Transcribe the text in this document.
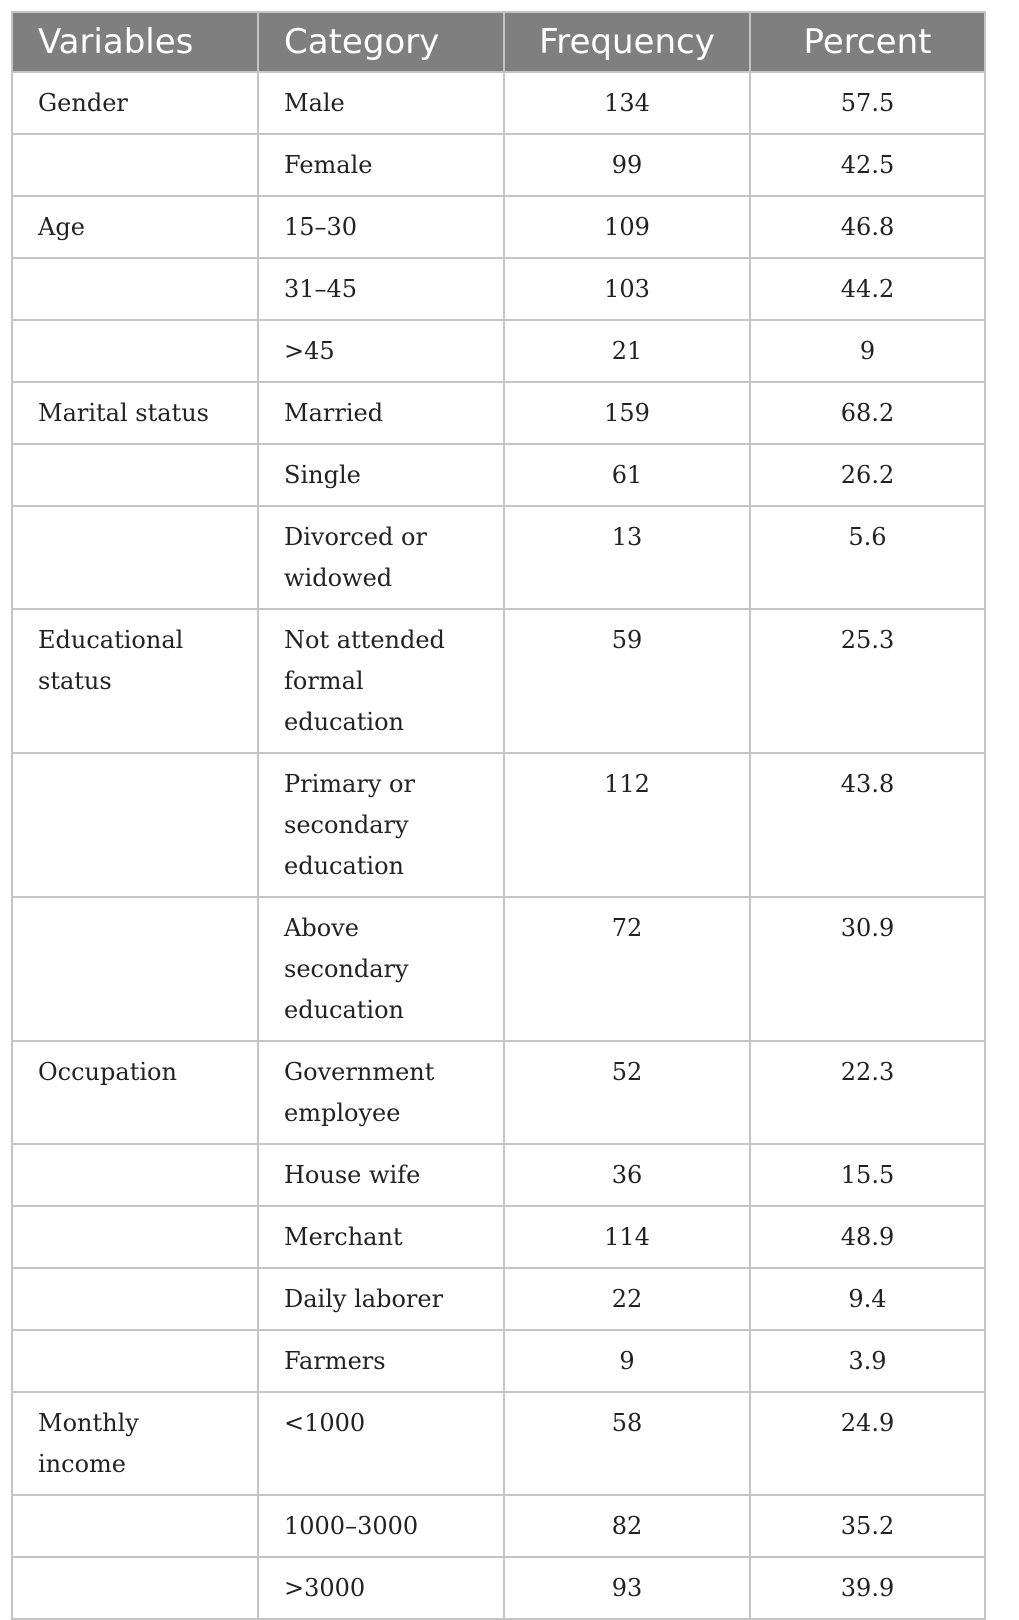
Variables	Category	Frequency	Percent
Gender	Male	134	57.5
	Female	99	42.5
Age	15–30	109	46.8
	31–45	103	44.2
	>45	21	9
Marital status	Married	159	68.2
	Single	61	26.2
	Divorced or widowed	13	5.6
Educational status	Not attended formal education	59	25.3
	Primary or secondary education	112	43.8
	Above secondary education	72	30.9
Occupation	Government employee	52	22.3
	House wife	36	15.5
	Merchant	114	48.9
	Daily laborer	22	9.4
	Farmers	9	3.9
Monthly income	<1000	58	24.9
	1000–3000	82	35.2
	>3000	93	39.9
